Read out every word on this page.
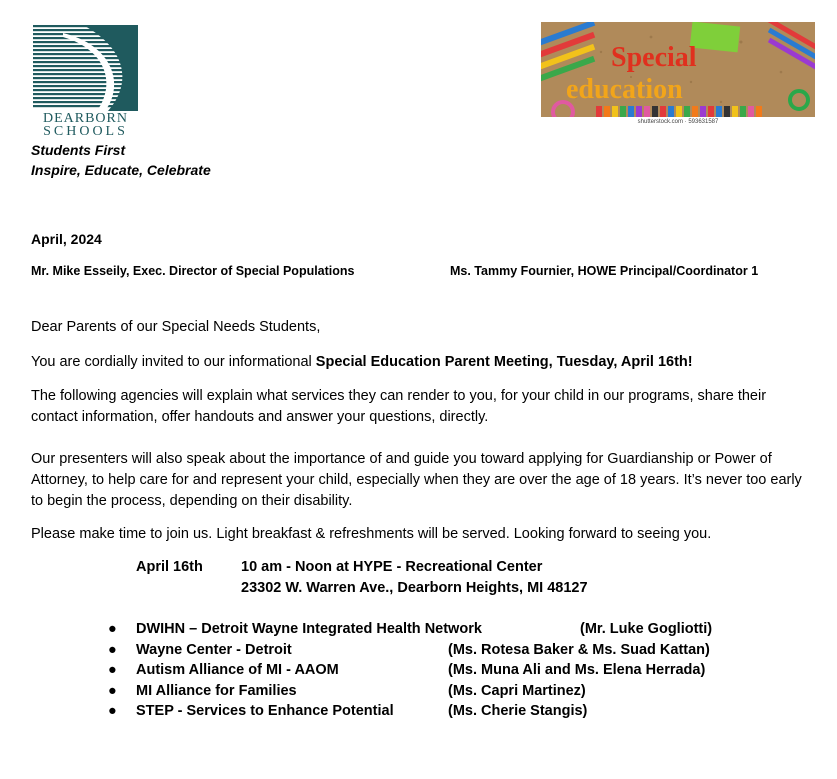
DEARBORN
SCHOOLS
Students First
Inspire, Educate, Celebrate
Special
education
shutterstock.com · 593631587
April, 2024
Mr. Mike Esseily, Exec. Director of Special Populations	Ms. Tammy Fournier, HOWE Principal/Coordinator 1
Dear Parents of our Special Needs Students,
You are cordially invited to our informational Special Education Parent Meeting, Tuesday, April 16th!
The following agencies will explain what services they can render to you, for your child in our programs, share their contact information, offer handouts and answer your questions, directly.
Our presenters will also speak about the importance of and guide you toward applying for Guardianship or Power of Attorney, to help care for and represent your child, especially when they are over the age of 18 years. It’s never too early to begin the process, depending on their disability.
Please make time to join us. Light breakfast & refreshments will be served. Looking forward to seeing you.
April 16th	10 am - Noon at HYPE - Recreational Center
23302 W. Warren Ave., Dearborn Heights, MI 48127
● DWIHN – Detroit Wayne Integrated Health Network	(Mr. Luke Gogliotti)
● Wayne Center - Detroit	(Ms. Rotesa Baker & Ms. Suad Kattan)
● Autism Alliance of MI - AAOM	(Ms. Muna Ali and Ms. Elena Herrada)
● MI Alliance for Families	(Ms. Capri Martinez)
● STEP - Services to Enhance Potential	(Ms. Cherie Stangis)
